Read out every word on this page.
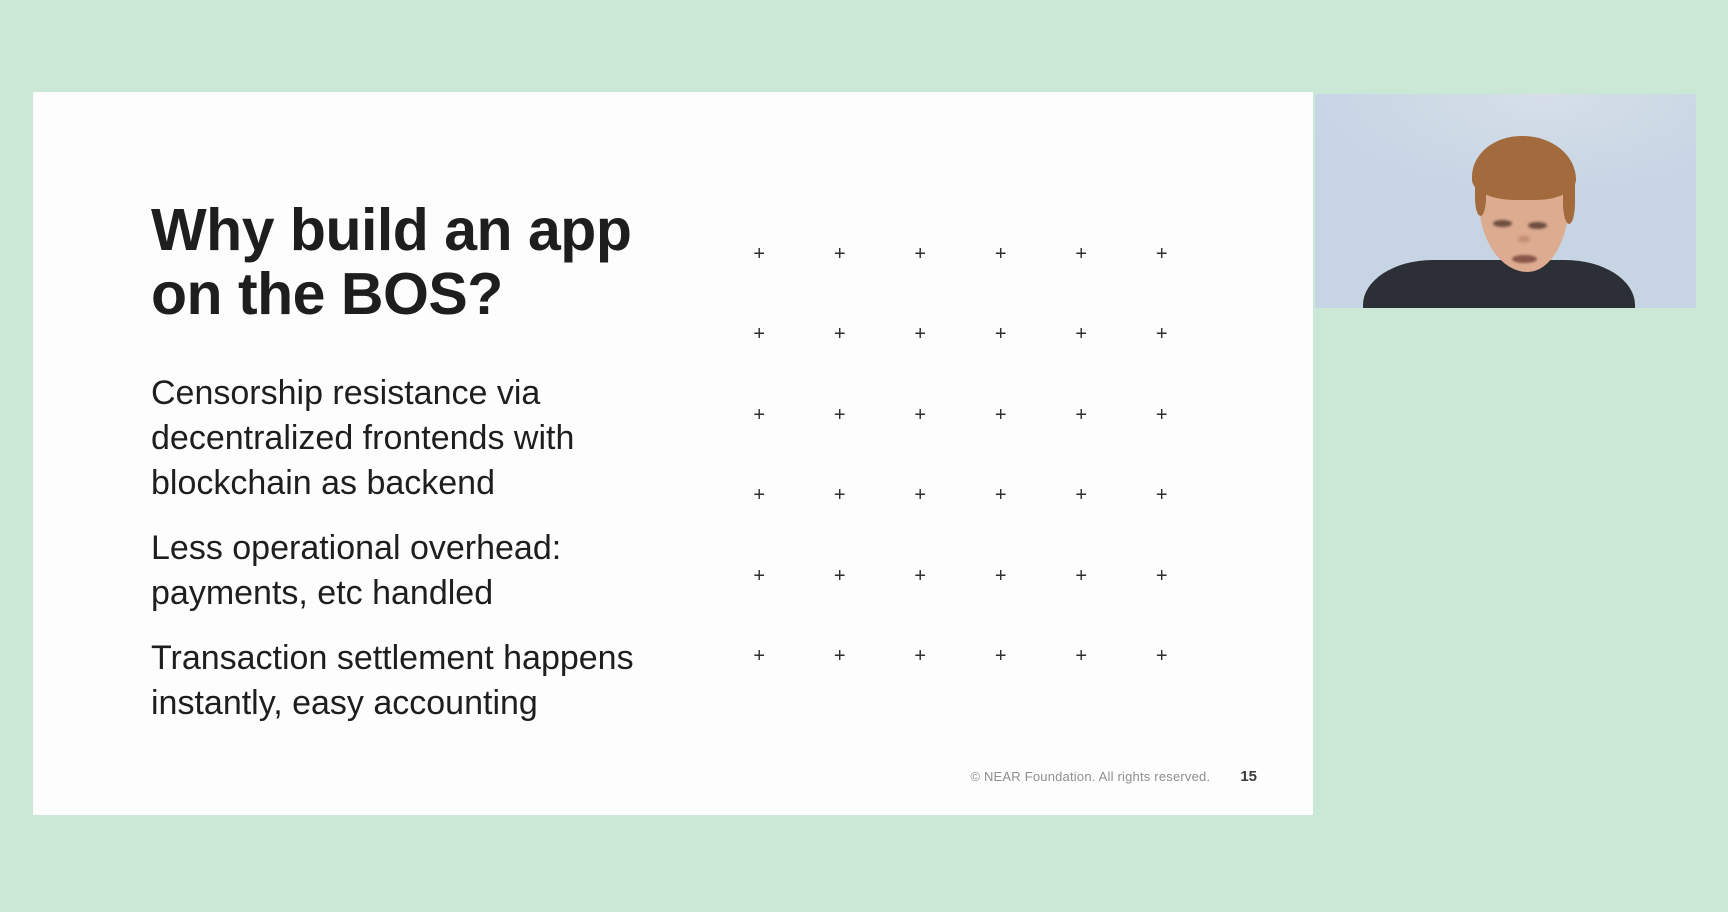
Why build an app
on the BOS?
Censorship resistance via
decentralized frontends with
blockchain as backend
Less operational overhead:
payments, etc handled
Transaction settlement happens
instantly, easy accounting
+	+	+	+	+	+
+	+	+	+	+	+
+	+	+	+	+	+
+	+	+	+	+	+
+	+	+	+	+	+
+	+	+	+	+	+
© NEAR Foundation. All rights reserved. 15
